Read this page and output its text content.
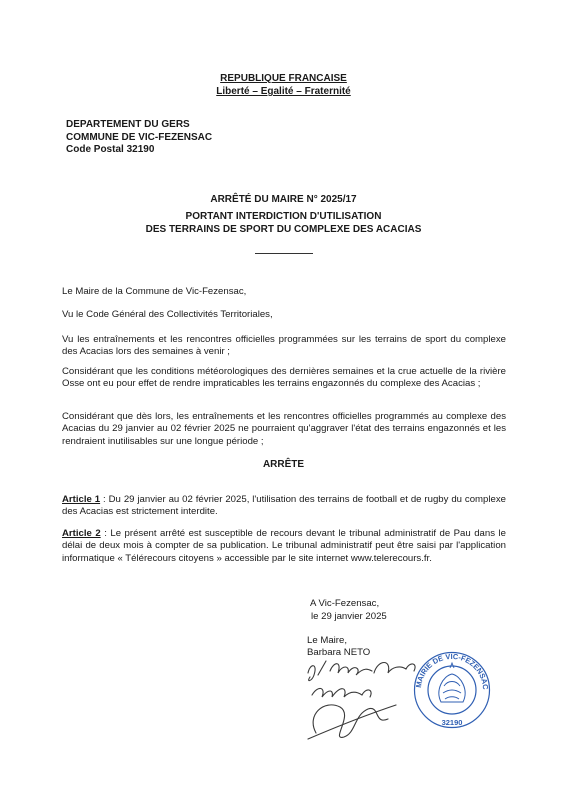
REPUBLIQUE FRANCAISE
Liberté – Egalité – Fraternité
DEPARTEMENT DU GERS
COMMUNE DE VIC-FEZENSAC
Code Postal 32190
ARRÊTÉ DU MAIRE N° 2025/17
PORTANT INTERDICTION D'UTILISATION
DES TERRAINS DE SPORT DU COMPLEXE DES ACACIAS
Le Maire de la Commune de Vic-Fezensac,
Vu le Code Général des Collectivités Territoriales,
Vu les entraînements et les rencontres officielles programmées sur les terrains de sport du complexe des Acacias lors des semaines à venir ;
Considérant que les conditions météorologiques des dernières semaines et la crue actuelle de la rivière Osse ont eu pour effet de rendre impraticables les terrains engazonnés du complexe des Acacias ;
Considérant que dès lors, les entraînements et les rencontres officielles programmés au complexe des Acacias du 29 janvier au 02 février 2025 ne pourraient qu'aggraver l'état des terrains engazonnés et les rendraient inutilisables sur une longue période ;
ARRÊTE
Article 1 : Du 29 janvier au 02 février 2025, l'utilisation des terrains de football et de rugby du complexe des Acacias est strictement interdite.
Article 2 : Le présent arrêté est susceptible de recours devant le tribunal administratif de Pau dans le délai de deux mois à compter de sa publication. Le tribunal administratif peut être saisi par l'application informatique « Télérecours citoyens » accessible par le site internet www.telerecours.fr.
A Vic-Fezensac,
le 29 janvier 2025
Le Maire,
Barbara NETO
MAIRIE DE VIC-FEZENSAC
32190
